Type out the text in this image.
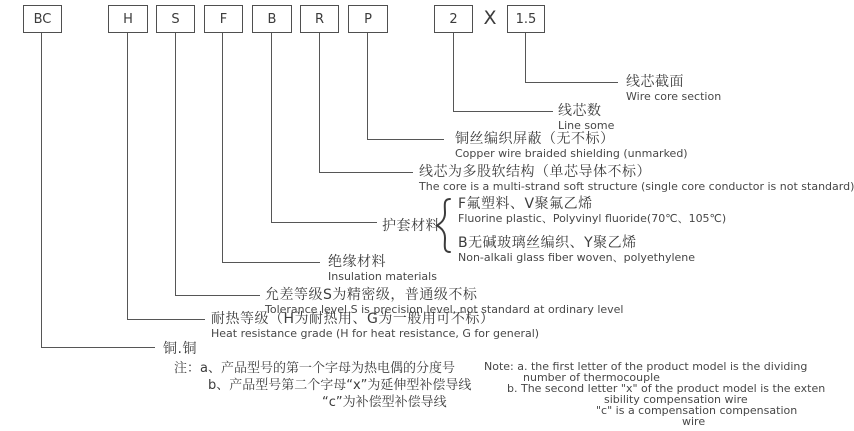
BC	H	S	F	B	R	P	2	X	1.5
线芯截面
Wire core section
线芯数
Line some
铜丝编织屏蔽（无不标）
Copper wire braided shielding (unmarked)
线芯为多股软结构（单芯导体不标）
The core is a multi-strand soft structure (single core conductor is not standard)
护套材料
F氟塑料、V聚氟乙烯
Fluorine plastic、Polyvinyl fluoride(70℃、105℃)
B无碱玻璃丝编织、Y聚乙烯
Non-alkali glass fiber woven、polyethylene
绝缘材料
Insulation materials
允差等级S为精密级，普通级不标
Tolerance level S is precision level, not standard at ordinary level
耐热等级（H为耐热用、G为一般用可不标）
Heat resistance grade (H for heat resistance, G for general)
铜.铜
注：a、产品型号的第一个字母为热电偶的分度号
b、产品型号第二个字母“x”为延伸型补偿导线
“c”为补偿型补偿导线
Note: a. the first letter of the product model is the dividing
number of thermocouple
b. The second letter "x" of the product model is the exten
sibility compensation wire
"c" is a compensation compensation
wire
